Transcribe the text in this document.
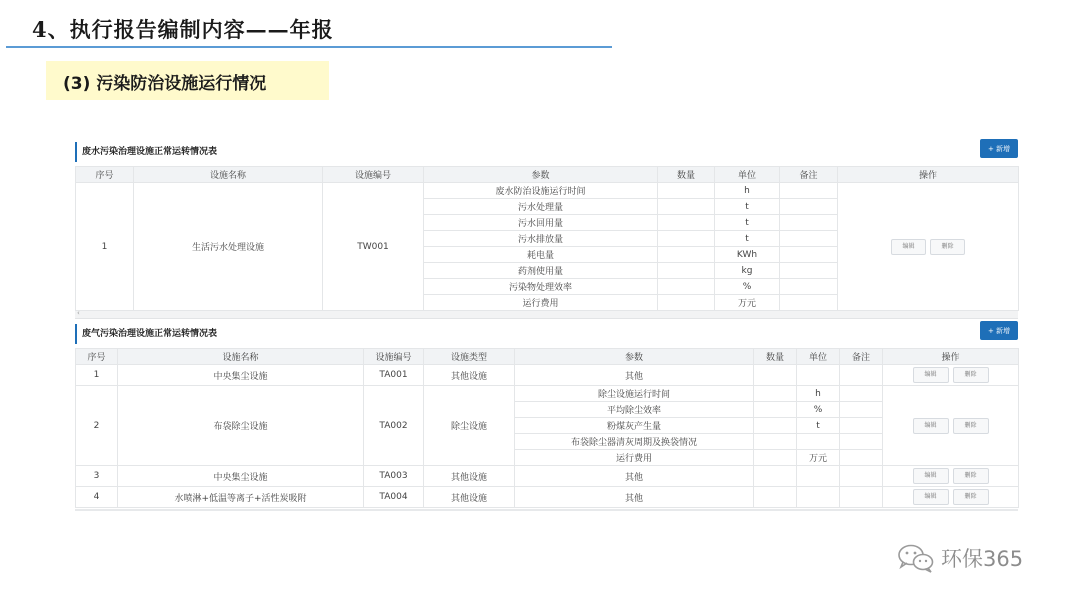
4、执行报告编制内容——年报
(3) 污染防治设施运行情况
废水污染治理设施正常运转情况表	+ 新增
序号	设施名称	设施编号	参数	数量	单位	备注	操作
1	生活污水处理设施	TW001	废水防治设施运行时间		h		编辑 删除
			污水处理量		t		
			污水回用量		t		
			污水排放量		t		
			耗电量		KWh		
			药剂使用量		kg		
			污染物处理效率		%		
			运行费用		万元		
‹
废气污染治理设施正常运转情况表	+ 新增
序号	设施名称	设施编号	设施类型	参数	数量	单位	备注	操作
1	中央集尘设施	TA001	其他设施	其他				编辑 删除
2	布袋除尘设施	TA002	除尘设施	除尘设施运行时间		h		编辑 删除
				平均除尘效率		%		
				粉煤灰产生量		t		
				布袋除尘器清灰周期及换袋情况				
				运行费用		万元		
3	中央集尘设施	TA003	其他设施	其他				编辑 删除
4	水喷淋+低温等离子+活性炭吸附	TA004	其他设施	其他				编辑 删除
环保365
